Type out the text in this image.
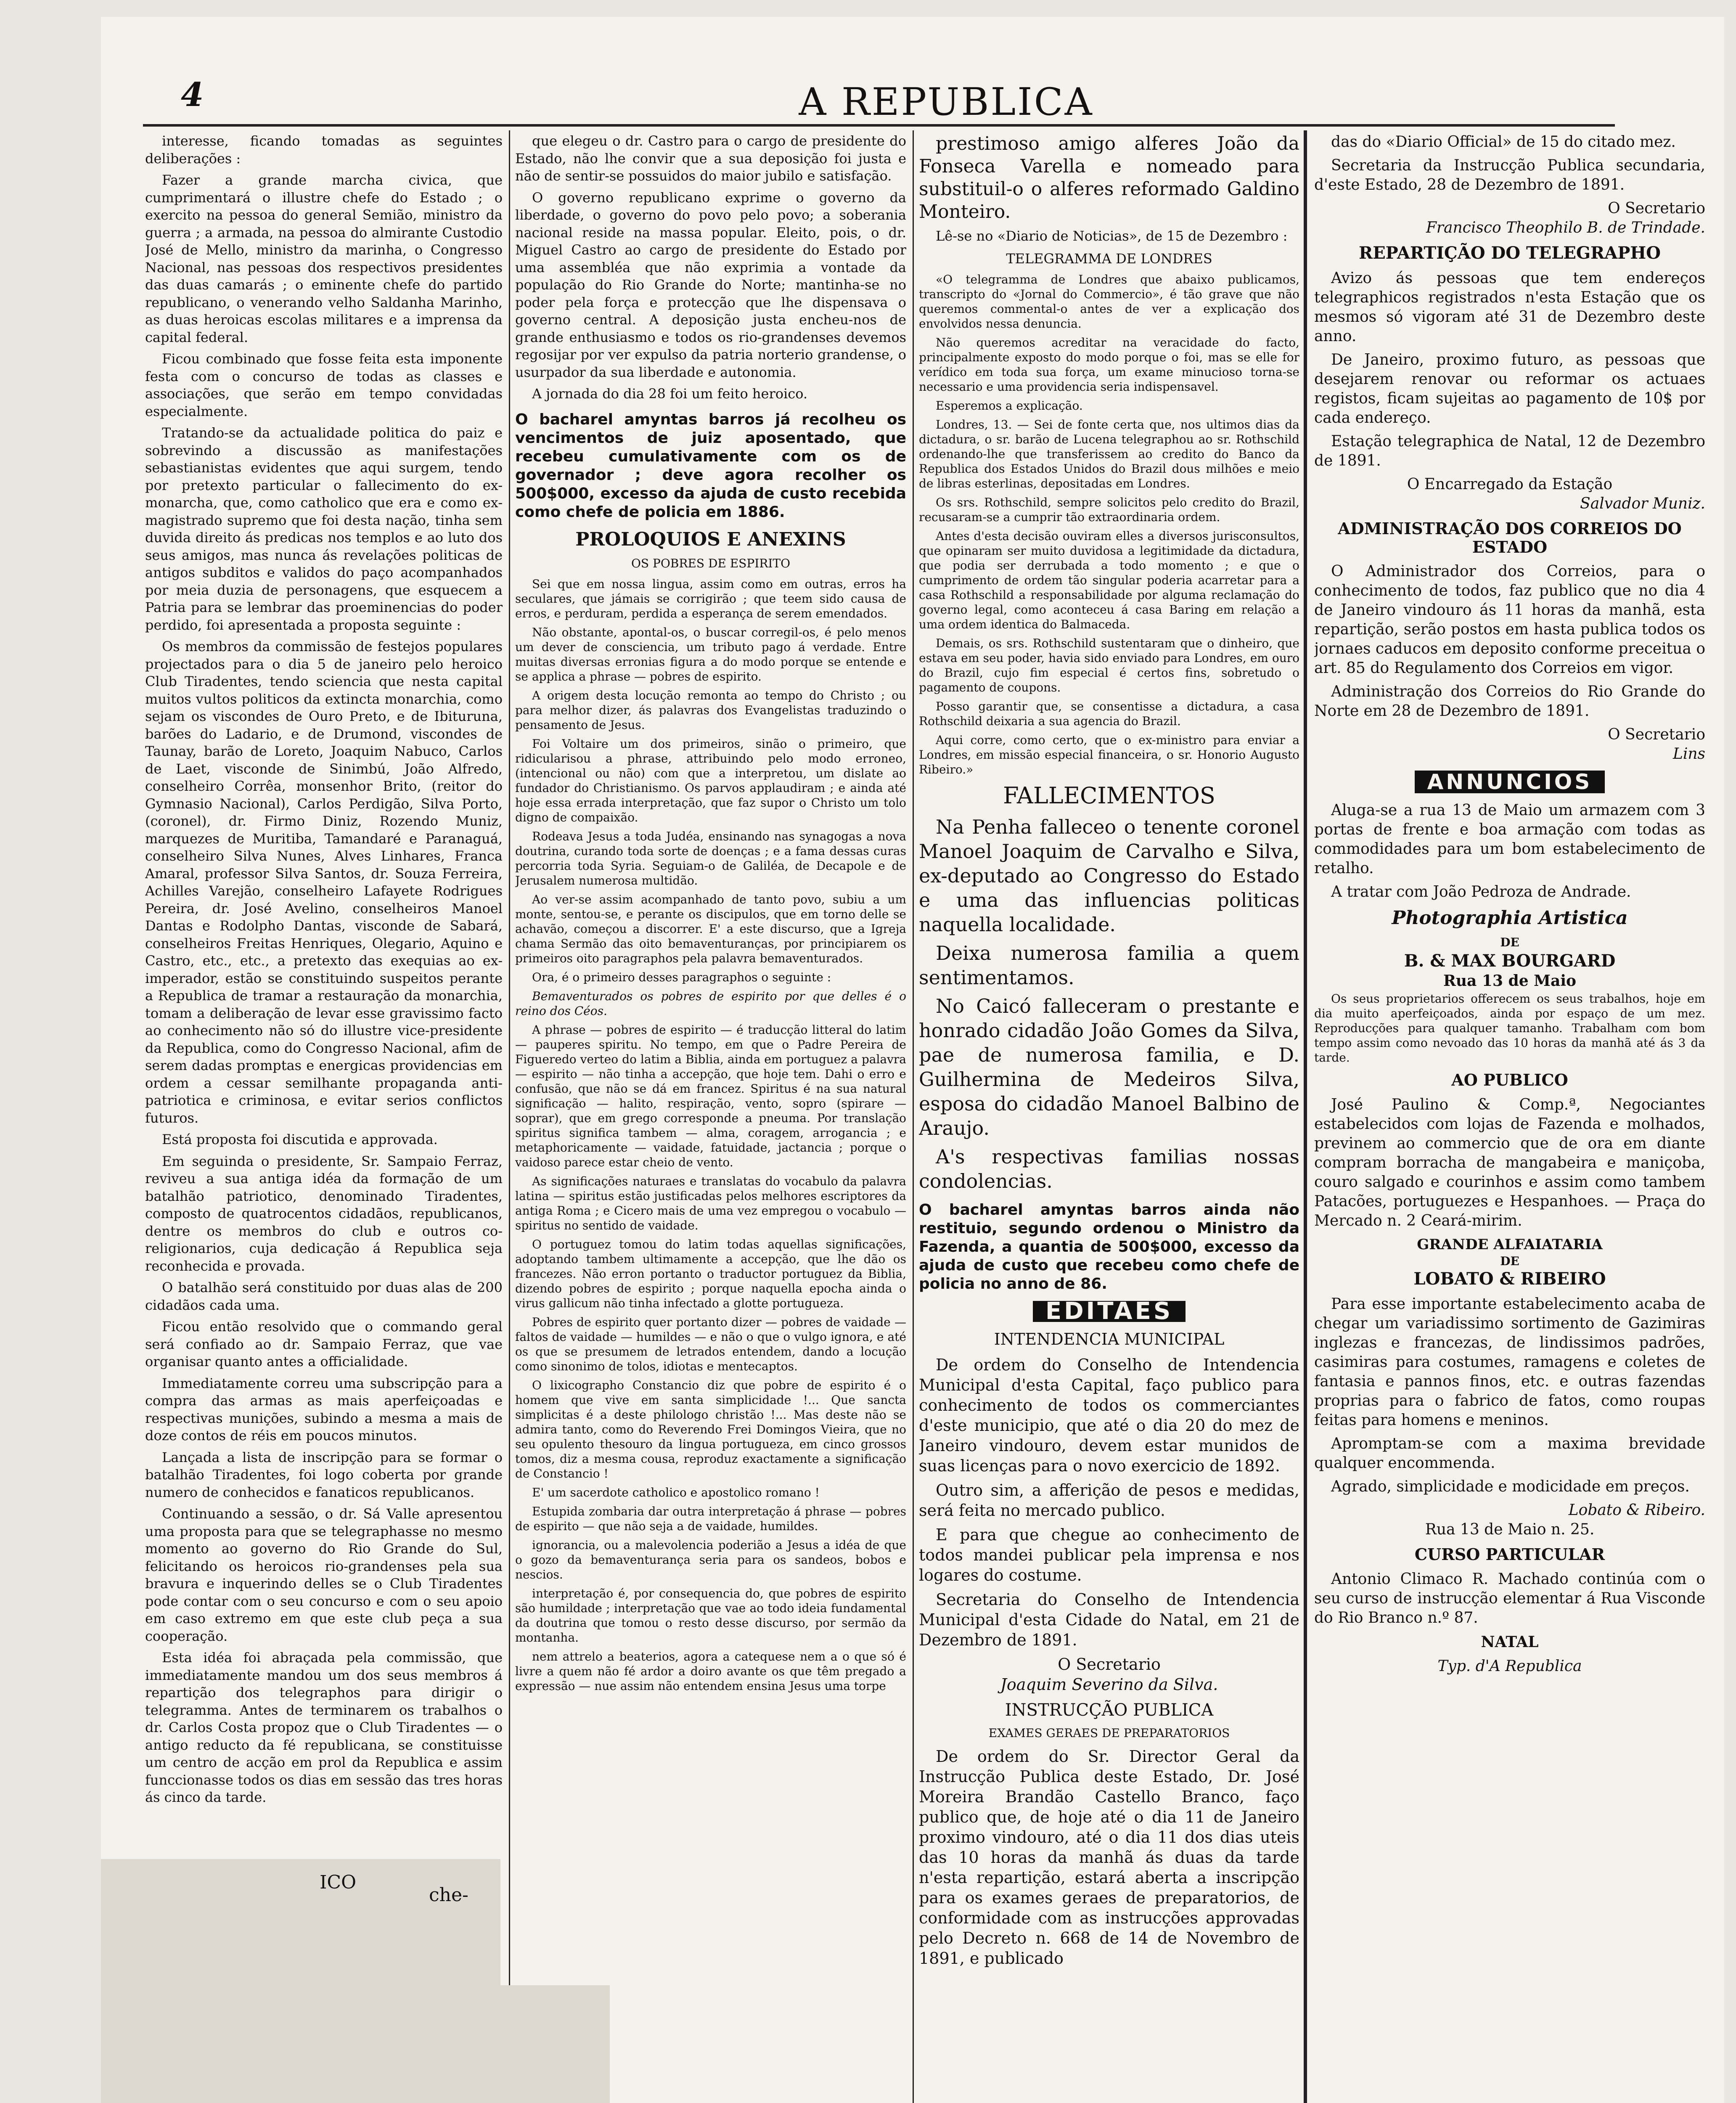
4	A REPUBLICA

interesse, ficando tomadas as seguintes deliberações :

Fazer a grande marcha civica, que cumprimentará o illustre chefe do Estado ; o exercito na pessoa do general Semião, ministro da guerra ; a armada, na pessoa do almirante Custodio José de Mello, ministro da marinha, o Congresso Nacional, nas pessoas dos respectivos presidentes das duas camarás ; o eminente chefe do partido republicano, o venerando velho Saldanha Marinho, as duas heroicas escolas militares e a imprensa da capital federal.

Ficou combinado que fosse feita esta imponente festa com o concurso de todas as classes e associações, que serão em tempo convidadas especialmente.

Tratando-se da actualidade politica do paiz e sobrevindo a discussão as manifestações sebastianistas evidentes que aqui surgem, tendo por pretexto particular o fallecimento do ex-monarcha, que, como catholico que era e como ex-magistrado supremo que foi desta nação, tinha sem duvida direito ás predicas nos templos e ao luto dos seus amigos, mas nunca ás revelações politicas de antigos subditos e validos do paço acompanhados por meia duzia de personagens, que esquecem a Patria para se lembrar das proeminencias do poder perdido, foi apresentada a proposta seguinte :

Os membros da commissão de festejos populares projectados para o dia 5 de janeiro pelo heroico Club Tiradentes, tendo sciencia que nesta capital muitos vultos politicos da extincta monarchia, como sejam os viscondes de Ouro Preto, e de Ibituruna, barões do Ladario, e de Drumond, viscondes de Taunay, barão de Loreto, Joaquim Nabuco, Carlos de Laet, visconde de Sinimbú, João Alfredo, conselheiro Corrêa, monsenhor Brito, (reitor do Gymnasio Nacional), Carlos Perdigão, Silva Porto, (coronel), dr. Firmo Diniz, Rozendo Muniz, marquezes de Muritiba, Tamandaré e Paranaguá, conselheiro Silva Nunes, Alves Linhares, Franca Amaral, professor Silva Santos, dr. Souza Ferreira, Achilles Varejão, conselheiro Lafayete Rodrigues Pereira, dr. José Avelino, conselheiros Manoel Dantas e Rodolpho Dantas, visconde de Sabará, conselheiros Freitas Henriques, Olegario, Aquino e Castro, etc., etc., a pretexto das exequias ao ex-imperador, estão se constituindo suspeitos perante a Republica de tramar a restauração da monarchia, tomam a deliberação de levar esse gravissimo facto ao conhecimento não só do illustre vice-presidente da Republica, como do Congresso Nacional, afim de serem dadas promptas e energicas providencias em ordem a cessar semilhante propaganda anti-patriotica e criminosa, e evitar serios conflictos futuros.

Está proposta foi discutida e approvada.

Em seguinda o presidente, Sr. Sampaio Ferraz, reviveu a sua antiga idéa da formação de um batalhão patriotico, denominado Tiradentes, composto de quatrocentos cidadãos, republicanos, dentre os membros do club e outros co-religionarios, cuja dedicação á Republica seja reconhecida e provada.

O batalhão será constituido por duas alas de 200 cidadãos cada uma.

Ficou então resolvido que o commando geral será confiado ao dr. Sampaio Ferraz, que vae organisar quanto antes a officialidade.

Immediatamente correu uma subscripção para a compra das armas as mais aperfeiçoadas e respectivas munições, subindo a mesma a mais de doze contos de réis em poucos minutos.

Lançada a lista de inscripção para se formar o batalhão Tiradentes, foi logo coberta por grande numero de conhecidos e fanaticos republicanos.

Continuando a sessão, o dr. Sá Valle apresentou uma proposta para que se telegraphasse no mesmo momento ao governo do Rio Grande do Sul, felicitando os heroicos rio-grandenses pela sua bravura e inquerindo delles se o Club Tiradentes pode contar com o seu concurso e com o seu apoio em caso extremo em que este club peça a sua cooperação.

Esta idéa foi abraçada pela commissão, que immediatamente mandou um dos seus membros á repartição dos telegraphos para dirigir o telegramma. Antes de terminarem os trabalhos o dr. Carlos Costa propoz que o Club Tiradentes — o antigo reducto da fé republicana, se constituisse um centro de acção em prol da Republica e assim funccionasse todos os dias em sessão das tres horas ás cinco da tarde.

ICO
che-

que elegeu o dr. Castro para o cargo de presidente do Estado, não lhe convir que a sua deposição foi justa e não de sentir-se possuidos do maior jubilo e satisfação.

O governo republicano exprime o governo da liberdade, o governo do povo pelo povo; a soberania nacional reside na massa popular. Eleito, pois, o dr. Miguel Castro ao cargo de presidente do Estado por uma assembléa que não exprimia a vontade da população do Rio Grande do Norte; mantinha-se no poder pela força e protecção que lhe dispensava o governo central. A deposição justa encheu-nos de grande enthusiasmo e todos os rio-grandenses devemos regosijar por ver expulso da patria norterio grandense, o usurpador da sua liberdade e autonomia.

A jornada do dia 28 foi um feito heroico.

O bacharel amyntas barros já recolheu os vencimentos de juiz aposentado, que recebeu cumulativamente com os de governador ; deve agora recolher os 500$000, excesso da ajuda de custo recebida como chefe de policia em 1886.
PROLOQUIOS E ANEXINS
OS POBRES DE ESPIRITO

Sei que em nossa lingua, assim como em outras, erros ha seculares, que jámais se corrigirão ; que teem sido causa de erros, e perduram, perdida a esperança de serem emendados.

Não obstante, apontal-os, o buscar corregil-os, é pelo menos um dever de consciencia, um tributo pago á verdade. Entre muitas diversas erronias figura a do modo porque se entende e se applica a phrase — pobres de espirito.

A origem desta locução remonta ao tempo do Christo ; ou para melhor dizer, ás palavras dos Evangelistas traduzindo o pensamento de Jesus.

Foi Voltaire um dos primeiros, sinão o primeiro, que ridicularisou a phrase, attribuindo pelo modo erroneo, (intencional ou não) com que a interpretou, um dislate ao fundador do Christianismo. Os parvos applaudiram ; e ainda até hoje essa errada interpretação, que faz supor o Christo um tolo digno de compaixão.

Rodeava Jesus a toda Judéa, ensinando nas synagogas a nova doutrina, curando toda sorte de doenças ; e a fama dessas curas percorria toda Syria. Seguiam-o de Galiléa, de Decapole e de Jerusalem numerosa multidão.

Ao ver-se assim acompanhado de tanto povo, subiu a um monte, sentou-se, e perante os discipulos, que em torno delle se achavão, começou a discorrer. E' a este discurso, que a Igreja chama Sermão das oito bemaventuranças, por principiarem os primeiros oito paragraphos pela palavra bemaventurados.

Ora, é o primeiro desses paragraphos o seguinte :

Bemaventurados os pobres de espirito por que delles é o reino dos Céos.

A phrase — pobres de espirito — é traducção litteral do latim — pauperes spiritu. No tempo, em que o Padre Pereira de Figueredo verteo do latim a Biblia, ainda em portuguez a palavra — espirito — não tinha a accepção, que hoje tem. Dahi o erro e confusão, que não se dá em francez. Spiritus é na sua natural significação — halito, respiração, vento, sopro (spirare — soprar), que em grego corresponde a pneuma. Por translação spiritus significa tambem — alma, coragem, arrogancia ; e metaphoricamente — vaidade, fatuidade, jactancia ; porque o vaidoso parece estar cheio de vento.

As significações naturaes e translatas do vocabulo da palavra latina — spiritus estão justificadas pelos melhores escriptores da antiga Roma ; e Cicero mais de uma vez empregou o vocabulo — spiritus no sentido de vaidade.

O portuguez tomou do latim todas aquellas significações, adoptando tambem ultimamente a accepção, que lhe dão os francezes. Não erron portanto o traductor portuguez da Biblia, dizendo pobres de espirito ; porque naquella epocha ainda o virus gallicum não tinha infectado a glotte portugueza.

Pobres de espirito quer portanto dizer — pobres de vaidade — faltos de vaidade — humildes — e não o que o vulgo ignora, e até os que se presumem de letrados entendem, dando a locução como sinonimo de tolos, idiotas e mentecaptos.

O lixicographo Constancio diz que pobre de espirito é o homem que vive em santa simplicidade !... Que sancta simplicitas é a deste philologo christão !... Mas deste não se admira tanto, como do Reverendo Frei Domingos Vieira, que no seu opulento thesouro da lingua portugueza, em cinco grossos tomos, diz a mesma cousa, reproduz exactamente a significação de Constancio !

E' um sacerdote catholico e apostolico romano !

Estupida zombaria dar outra interpretação á phrase — pobres de espirito — que não seja a de vaidade, humildes.

ignorancia, ou a malevolencia poderião a Jesus a idéa de que o gozo da bemaventurança seria para os sandeos, bobos e nescios.

interpretação é, por consequencia do, que pobres de espirito são humildade ; interpretação que vae ao todo ideia fundamental da doutrina que tomou o resto desse discurso, por sermão da montanha.

nem attrelo a beaterios, agora a catequese nem a o que só é livre a quem não fé ardor a doiro avante os que têm pregado a expressão — nue assim não entendem ensina Jesus uma torpe

prestimoso amigo alferes João da Fonseca Varella e nomeado para substituil-o o alferes reformado Galdino Monteiro.

Lê-se no «Diario de Noticias», de 15 de Dezembro :

TELEGRAMMA DE LONDRES

«O telegramma de Londres que abaixo publicamos, transcripto do «Jornal do Commercio», é tão grave que não queremos commental-o antes de ver a explicação dos envolvidos nessa denuncia.

Não queremos acreditar na veracidade do facto, principalmente exposto do modo porque o foi, mas se elle for verídico em toda sua força, um exame minucioso torna-se necessario e uma providencia seria indispensavel.

Esperemos a explicação.

Londres, 13. — Sei de fonte certa que, nos ultimos dias da dictadura, o sr. barão de Lucena telegraphou ao sr. Rothschild ordenando-lhe que transferissem ao credito do Banco da Republica dos Estados Unidos do Brazil dous milhões e meio de libras esterlinas, depositadas em Londres.

Os srs. Rothschild, sempre solicitos pelo credito do Brazil, recusaram-se a cumprir tão extraordinaria ordem.

Antes d'esta decisão ouviram elles a diversos jurisconsultos, que opinaram ser muito duvidosa a legitimidade da dictadura, que podia ser derrubada a todo momento ; e que o cumprimento de ordem tão singular poderia acarretar para a casa Rothschild a responsabilidade por alguma reclamação do governo legal, como aconteceu á casa Baring em relação a uma ordem identica do Balmaceda.

Demais, os srs. Rothschild sustentaram que o dinheiro, que estava em seu poder, havia sido enviado para Londres, em ouro do Brazil, cujo fim especial é certos fins, sobretudo o pagamento de coupons.

Posso garantir que, se consentisse a dictadura, a casa Rothschild deixaria a sua agencia do Brazil.

Aqui corre, como certo, que o ex-ministro para enviar a Londres, em missão especial financeira, o sr. Honorio Augusto Ribeiro.»

FALLECIMENTOS

Na Penha falleceo o tenente coronel Manoel Joaquim de Carvalho e Silva, ex-deputado ao Congresso do Estado e uma das influencias politicas naquella localidade.

Deixa numerosa familia a quem sentimentamos.

No Caicó falleceram o prestante e honrado cidadão João Gomes da Silva, pae de numerosa familia, e D. Guilhermina de Medeiros Silva, esposa do cidadão Manoel Balbino de Araujo.

A's respectivas familias nossas condolencias.

O bacharel amyntas barros ainda não restituio, segundo ordenou o Ministro da Fazenda, a quantia de 500$000, excesso da ajuda de custo que recebeu como chefe de policia no anno de 86.
EDITAES
INTENDENCIA MUNICIPAL

De ordem do Conselho de Intendencia Municipal d'esta Capital, faço publico para conhecimento de todos os commerciantes d'este municipio, que até o dia 20 do mez de Janeiro vindouro, devem estar munidos de suas licenças para o novo exercicio de 1892.

Outro sim, a afferição de pesos e medidas, será feita no mercado publico.

E para que chegue ao conhecimento de todos mandei publicar pela imprensa e nos logares do costume.

Secretaria do Conselho de Intendencia Municipal d'esta Cidade do Natal, em 21 de Dezembro de 1891.

O Secretario
Joaquim Severino da Silva.
INSTRUCÇÃO PUBLICA
EXAMES GERAES DE PREPARATORIOS

De ordem do Sr. Director Geral da Instrucção Publica deste Estado, Dr. José Moreira Brandão Castello Branco, faço publico que, de hoje até o dia 11 de Janeiro proximo vindouro, até o dia 11 dos dias uteis das 10 horas da manhã ás duas da tarde n'esta repartição, estará aberta a inscripção para os exames geraes de preparatorios, de conformidade com as instrucções approvadas pelo Decreto n. 668 de 14 de Novembro de 1891, e publicado

das do «Diario Official» de 15 do citado mez.

Secretaria da Instrucção Publica secundaria, d'este Estado, 28 de Dezembro de 1891.

O Secretario
Francisco Theophilo B. de Trindade.
REPARTIÇÃO DO TELEGRAPHO

Avizo ás pessoas que tem endereços telegraphicos registrados n'esta Estação que os mesmos só vigoram até 31 de Dezembro deste anno.

De Janeiro, proximo futuro, as pessoas que desejarem renovar ou reformar os actuaes registos, ficam sujeitas ao pagamento de 10$ por cada endereço.

Estação telegraphica de Natal, 12 de Dezembro de 1891.

O Encarregado da Estação
Salvador Muniz.
ADMINISTRAÇÃO DOS CORREIOS DO ESTADO

O Administrador dos Correios, para o conhecimento de todos, faz publico que no dia 4 de Janeiro vindouro ás 11 horas da manhã, esta repartição, serão postos em hasta publica todos os jornaes caducos em deposito conforme preceitua o art. 85 do Regulamento dos Correios em vigor.

Administração dos Correios do Rio Grande do Norte em 28 de Dezembro de 1891.

O Secretario
Lins
ANNUNCIOS

Aluga-se a rua 13 de Maio um armazem com 3 portas de frente e boa armação com todas as commodidades para um bom estabelecimento de retalho.

A tratar com João Pedroza de Andrade.

Photographia Artistica
DE
B. & MAX BOURGARD
Rua 13 de Maio

Os seus proprietarios offerecem os seus trabalhos, hoje em dia muito aperfeiçoados, ainda por espaço de um mez. Reproducções para qualquer tamanho. Trabalham com bom tempo assim como nevoado das 10 horas da manhã até ás 3 da tarde.

AO PUBLICO

José Paulino & Comp.ª, Negociantes estabelecidos com lojas de Fazenda e molhados, previnem ao commercio que de ora em diante compram borracha de mangabeira e maniçoba, couro salgado e courinhos e assim como tambem Patacões, portuguezes e Hespanhoes. — Praça do Mercado n. 2 Ceará-mirim.

GRANDE ALFAIATARIA
DE
LOBATO & RIBEIRO

Para esse importante estabelecimento acaba de chegar um variadissimo sortimento de Gazimiras inglezas e francezas, de lindissimos padrões, casimiras para costumes, ramagens e coletes de fantasia e pannos finos, etc. e outras fazendas proprias para o fabrico de fatos, como roupas feitas para homens e meninos.

Apromptam-se com a maxima brevidade qualquer encommenda.

Agrado, simplicidade e modicidade em preços.

Lobato & Ribeiro.
Rua 13 de Maio n. 25.
CURSO PARTICULAR

Antonio Climaco R. Machado continúa com o seu curso de instrucção elementar á Rua Visconde do Rio Branco n.º 87.

NATAL
Typ. d'A Republica
